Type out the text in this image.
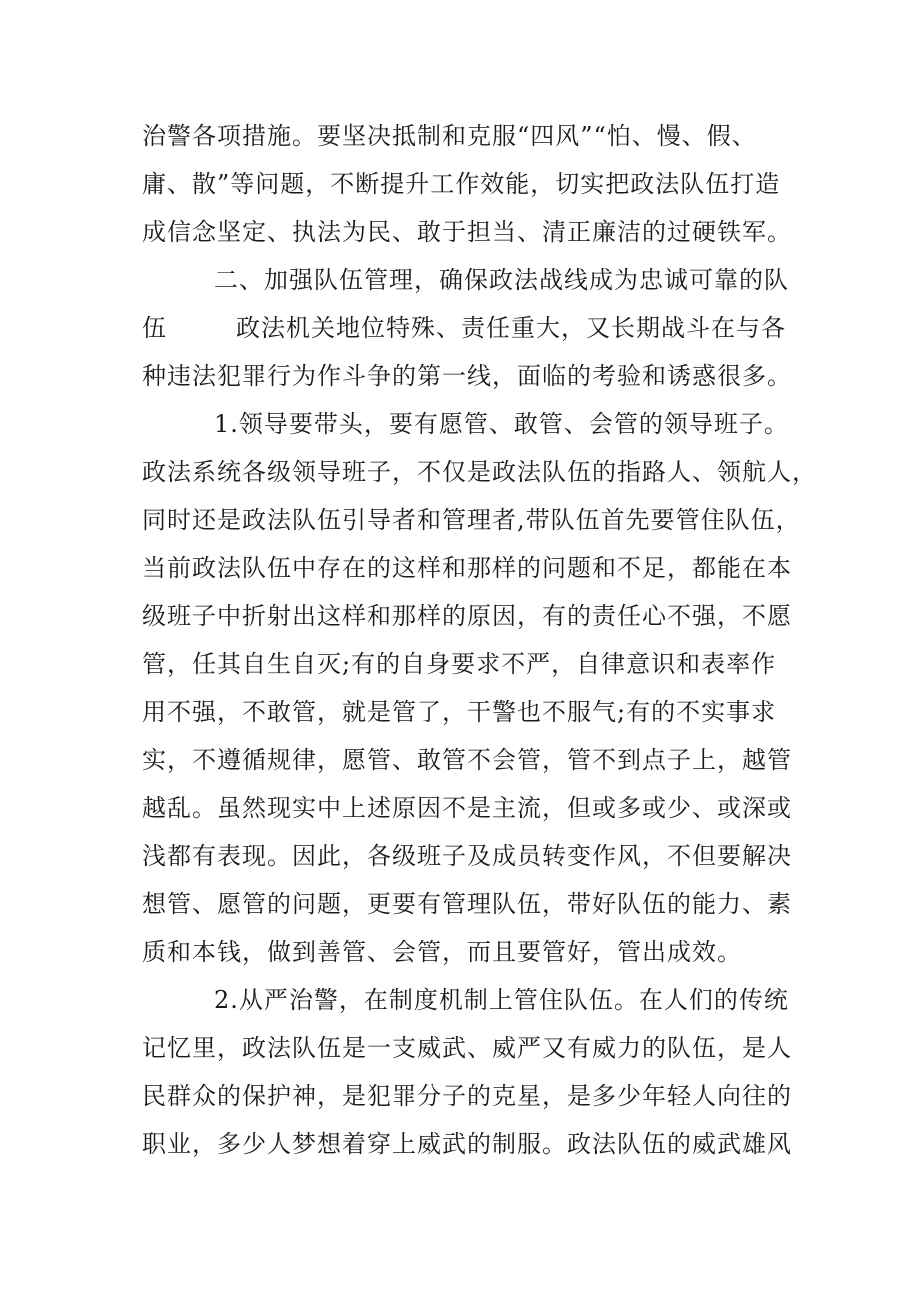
治警各项措施。要坚决抵制和克服“四风”“怕、慢、假、
庸、散”等问题，不断提升工作效能，切实把政法队伍打造
成信念坚定、执法为民、敢于担当、清正廉洁的过硬铁军。
二、加强队伍管理，确保政法战线成为忠诚可靠的队
伍        政法机关地位特殊、责任重大，又长期战斗在与各
种违法犯罪行为作斗争的第一线，面临的考验和诱惑很多。
1.领导要带头，要有愿管、敢管、会管的领导班子。
政法系统各级领导班子，不仅是政法队伍的指路人、领航人，
同时还是政法队伍引导者和管理者,带队伍首先要管住队伍，
当前政法队伍中存在的这样和那样的问题和不足，都能在本
级班子中折射出这样和那样的原因，有的责任心不强，不愿
管，任其自生自灭;有的自身要求不严，自律意识和表率作
用不强，不敢管，就是管了，干警也不服气;有的不实事求
实，不遵循规律，愿管、敢管不会管，管不到点子上，越管
越乱。虽然现实中上述原因不是主流，但或多或少、或深或
浅都有表现。因此，各级班子及成员转变作风，不但要解决
想管、愿管的问题，更要有管理队伍，带好队伍的能力、素
质和本钱，做到善管、会管，而且要管好，管出成效。
2.从严治警，在制度机制上管住队伍。在人们的传统
记忆里，政法队伍是一支威武、威严又有威力的队伍，是人
民群众的保护神，是犯罪分子的克星，是多少年轻人向往的
职业，多少人梦想着穿上威武的制服。政法队伍的威武雄风
